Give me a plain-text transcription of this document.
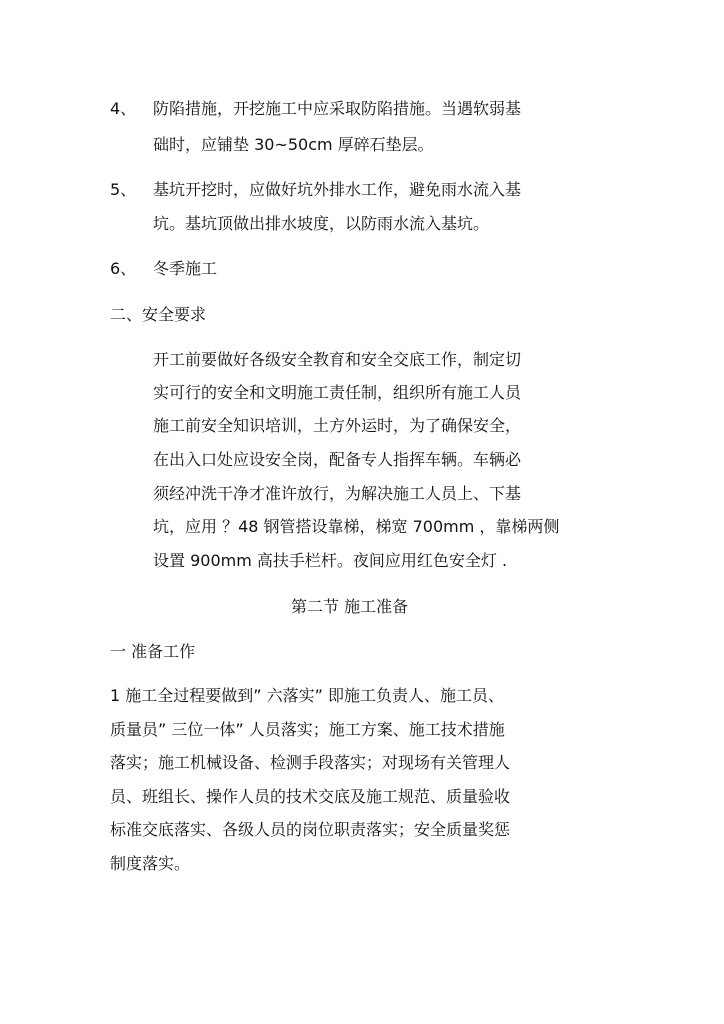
4、 防陷措施，开挖施工中应采取防陷措施。当遇软弱基
础时，应铺垫 30~50cm 厚碎石垫层。
5、 基坑开挖时，应做好坑外排水工作，避免雨水流入基
坑。基坑顶做出排水坡度，以防雨水流入基坑。
6、 冬季施工
二、安全要求
开工前要做好各级安全教育和安全交底工作，制定切
实可行的安全和文明施工责任制，组织所有施工人员
施工前安全知识培训，土方外运时，为了确保安全，
在出入口处应设安全岗，配备专人指挥车辆。车辆必
须经冲洗干净才准许放行，为解决施工人员上、下基
坑，应用 ？48 钢管搭设靠梯，梯宽 700mm ，靠梯两侧
设置 900mm 高扶手栏杆。夜间应用红色安全灯 .
第二节 施工准备
一 准备工作
1 施工全过程要做到” 六落实” 即施工负责人、施工员、
质量员” 三位一体” 人员落实；施工方案、施工技术措施
落实；施工机械设备、检测手段落实；对现场有关管理人
员、班组长、操作人员的技术交底及施工规范、质量验收
标准交底落实、各级人员的岗位职责落实；安全质量奖惩
制度落实。
